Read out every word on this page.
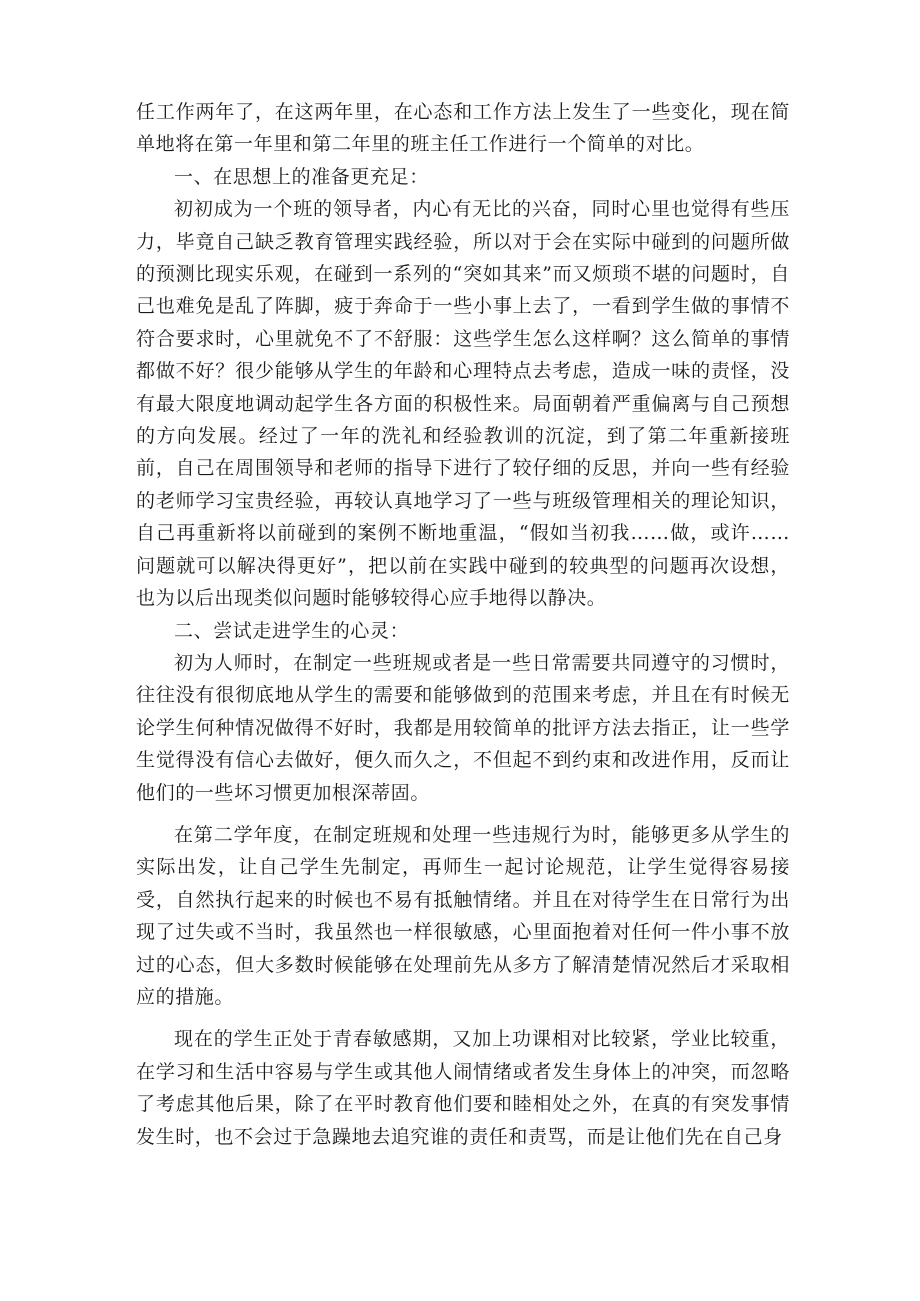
任工作两年了，在这两年里，在心态和工作方法上发生了一些变化，现在简单地将在第一年里和第二年里的班主任工作进行一个简单的对比。

一、在思想上的准备更充足：

初初成为一个班的领导者，内心有无比的兴奋，同时心里也觉得有些压力，毕竟自己缺乏教育管理实践经验，所以对于会在实际中碰到的问题所做的预测比现实乐观，在碰到一系列的“突如其来”而又烦琐不堪的问题时，自己也难免是乱了阵脚，疲于奔命于一些小事上去了，一看到学生做的事情不符合要求时，心里就免不了不舒服：这些学生怎么这样啊？这么简单的事情都做不好？很少能够从学生的年龄和心理特点去考虑，造成一味的责怪，没有最大限度地调动起学生各方面的积极性来。局面朝着严重偏离与自己预想的方向发展。经过了一年的洗礼和经验教训的沉淀，到了第二年重新接班前，自己在周围领导和老师的指导下进行了较仔细的反思，并向一些有经验的老师学习宝贵经验，再较认真地学习了一些与班级管理相关的理论知识，自己再重新将以前碰到的案例不断地重温，“假如当初我……做，或许……问题就可以解决得更好”，把以前在实践中碰到的较典型的问题再次设想，也为以后出现类似问题时能够较得心应手地得以静决。

二、尝试走进学生的心灵：

初为人师时，在制定一些班规或者是一些日常需要共同遵守的习惯时，往往没有很彻底地从学生的需要和能够做到的范围来考虑，并且在有时候无论学生何种情况做得不好时，我都是用较简单的批评方法去指正，让一些学生觉得没有信心去做好，便久而久之，不但起不到约束和改进作用，反而让他们的一些坏习惯更加根深蒂固。

在第二学年度，在制定班规和处理一些违规行为时，能够更多从学生的实际出发，让自己学生先制定，再师生一起讨论规范，让学生觉得容易接受，自然执行起来的时候也不易有抵触情绪。并且在对待学生在日常行为出现了过失或不当时，我虽然也一样很敏感，心里面抱着对任何一件小事不放过的心态，但大多数时候能够在处理前先从多方了解清楚情况然后才采取相应的措施。

现在的学生正处于青春敏感期，又加上功课相对比较紧，学业比较重，在学习和生活中容易与学生或其他人闹情绪或者发生身体上的冲突，而忽略了考虑其他后果，除了在平时教育他们要和睦相处之外，在真的有突发事情发生时，也不会过于急躁地去追究谁的责任和责骂，而是让他们先在自己身
